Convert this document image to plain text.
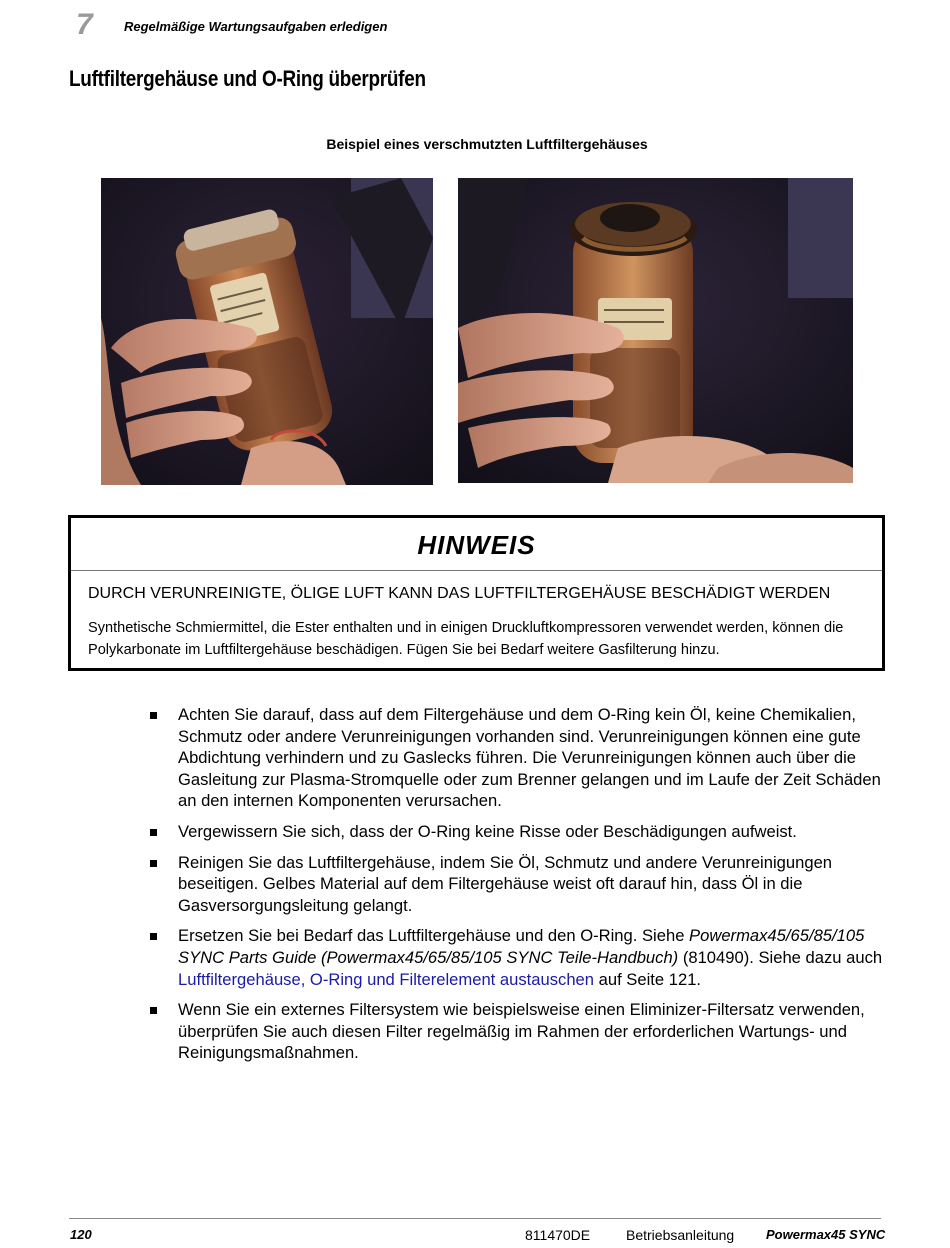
7 Regelmäßige Wartungsaufgaben erledigen
Luftfiltergehäuse und O-Ring überprüfen
Beispiel eines verschmutzten Luftfiltergehäuses
HINWEIS
DURCH VERUNREINIGTE, ÖLIGE LUFT KANN DAS LUFTFILTERGEHÄUSE BESCHÄDIGT WERDEN
Synthetische Schmiermittel, die Ester enthalten und in einigen Druckluftkompressoren verwendet werden, können die Polykarbonate im Luftfiltergehäuse beschädigen. Fügen Sie bei Bedarf weitere Gasfilterung hinzu.
Achten Sie darauf, dass auf dem Filtergehäuse und dem O-Ring kein Öl, keine Chemikalien, Schmutz oder andere Verunreinigungen vorhanden sind. Verunreinigungen können eine gute Abdichtung verhindern und zu Gaslecks führen. Die Verunreinigungen können auch über die Gasleitung zur Plasma-Stromquelle oder zum Brenner gelangen und im Laufe der Zeit Schäden an den internen Komponenten verursachen.
Vergewissern Sie sich, dass der O-Ring keine Risse oder Beschädigungen aufweist.
Reinigen Sie das Luftfiltergehäuse, indem Sie Öl, Schmutz und andere Verunreinigungen beseitigen. Gelbes Material auf dem Filtergehäuse weist oft darauf hin, dass Öl in die Gasversorgungsleitung gelangt.
Ersetzen Sie bei Bedarf das Luftfiltergehäuse und den O-Ring. Siehe Powermax45/65/85/105 SYNC Parts Guide (Powermax45/65/85/105 SYNC Teile-Handbuch) (810490). Siehe dazu auch Luftfiltergehäuse, O-Ring und Filterelement austauschen auf Seite 121.
Wenn Sie ein externes Filtersystem wie beispielsweise einen Eliminizer-Filtersatz verwenden, überprüfen Sie auch diesen Filter regelmäßig im Rahmen der erforderlichen Wartungs- und Reinigungsmaßnahmen.
120	811470DE	Betriebsanleitung Powermax45 SYNC
